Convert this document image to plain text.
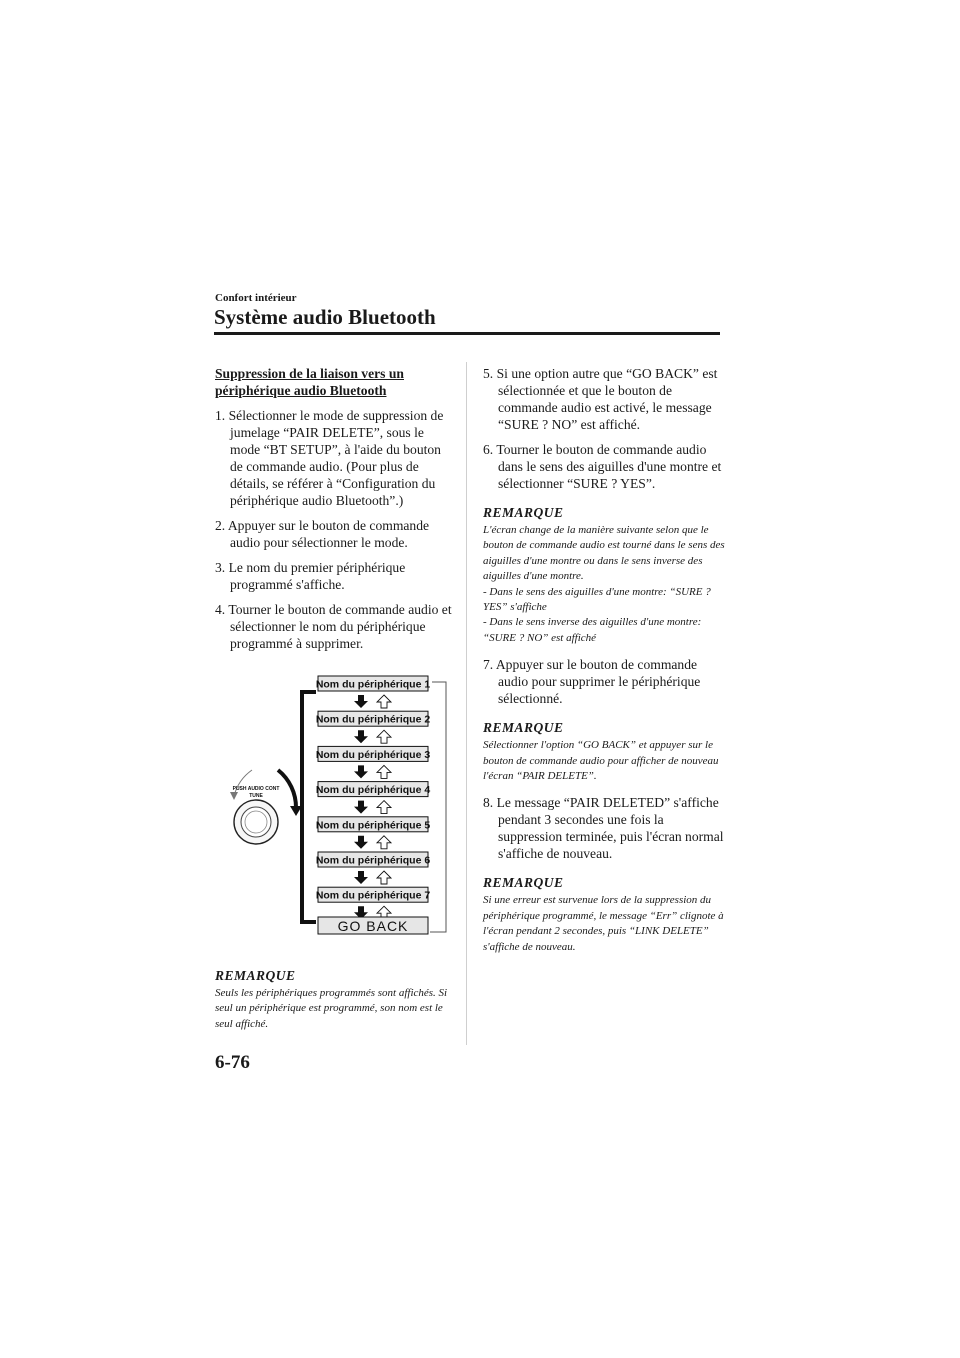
Confort intérieur
Système audio Bluetooth

Suppression de la liaison vers un périphérique audio Bluetooth

1. Sélectionner le mode de suppression de jumelage “PAIR DELETE”, sous le mode “BT SETUP”, à l'aide du bouton de commande audio. (Pour plus de détails, se référer à “Configuration du périphérique audio Bluetooth”.)
2. Appuyer sur le bouton de commande audio pour sélectionner le mode.
3. Le nom du premier périphérique programmé s'affiche.
4. Tourner le bouton de commande audio et sélectionner le nom du périphérique programmé à supprimer.
Nom du périphérique 1
Nom du périphérique 2
Nom du périphérique 3
Nom du périphérique 4
Nom du périphérique 5
Nom du périphérique 6
Nom du périphérique 7
GO BACK
PUSH AUDIO CONT
TUNE
REMARQUE
Seuls les périphériques programmés sont affichés. Si seul un périphérique est programmé, son nom est le seul affiché.
5. Si une option autre que “GO BACK” est sélectionnée et que le bouton de commande audio est activé, le message “SURE ? NO” est affiché.
6. Tourner le bouton de commande audio dans le sens des aiguilles d'une montre et sélectionner “SURE ? YES”.
REMARQUE
L'écran change de la manière suivante selon que le bouton de commande audio est tourné dans le sens des aiguilles d'une montre ou dans le sens inverse des aiguilles d'une montre.
- Dans le sens des aiguilles d'une montre: “SURE ? YES” s'affiche
- Dans le sens inverse des aiguilles d'une montre: “SURE ? NO” est affiché
7. Appuyer sur le bouton de commande audio pour supprimer le périphérique sélectionné.
REMARQUE
Sélectionner l'option “GO BACK” et appuyer sur le bouton de commande audio pour afficher de nouveau l'écran “PAIR DELETE”.
8. Le message “PAIR DELETED” s'affiche pendant 3 secondes une fois la suppression terminée, puis l'écran normal s'affiche de nouveau.
REMARQUE
Si une erreur est survenue lors de la suppression du périphérique programmé, le message “Err” clignote à l'écran pendant 2 secondes, puis “LINK DELETE” s'affiche de nouveau.
6-76
